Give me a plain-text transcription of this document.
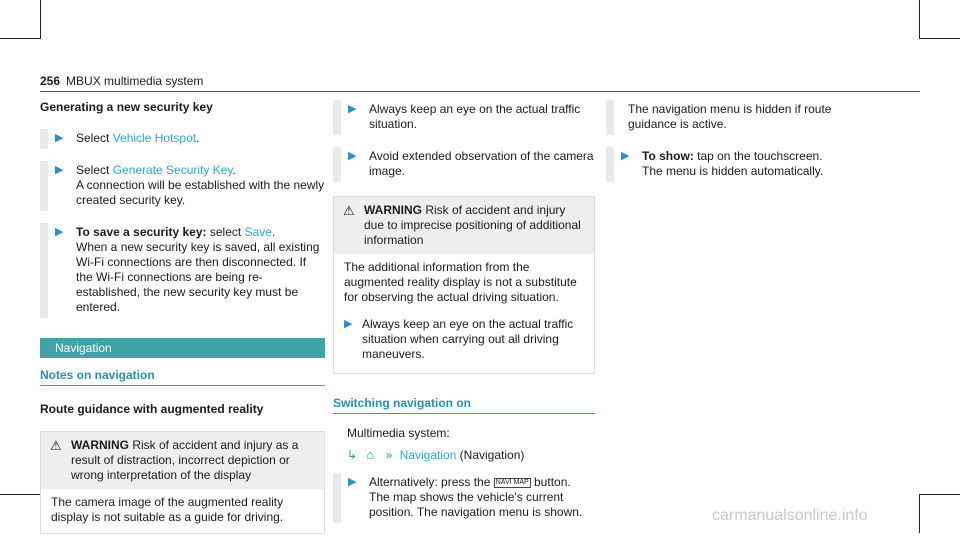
256 MBUX multimedia system

Generating a new security key

▶ Select Vehicle Hotspot.

▶ Select Generate Security Key.

A connection will be established with the newly created security key.

▶ To save a security key: select Save.

When a new security key is saved, all existing Wi-Fi connections are then disconnected. If the Wi-Fi connections are being re-established, the new security key must be entered.

Navigation
Notes on navigation

Route guidance with augmented reality

⚠ WARNING Risk of accident and injury as a result of distraction, incorrect depiction or wrong interpretation of the display

The camera image of the augmented reality display is not suitable as a guide for driving.

▶ Always keep an eye on the actual traffic situation.

▶ Avoid extended observation of the camera image.

⚠ WARNING Risk of accident and injury due to imprecise positioning of additional information

The additional information from the augmented reality display is not a substitute for observing the actual driving situation.

▶ Always keep an eye on the actual traffic situation when carrying out all driving maneuvers.

Switching navigation on

Multimedia system:

↳ ⌂ » Navigation (Navigation)
▶ Alternatively: press the NAVI MAP button.

The map shows the vehicle's current position. The navigation menu is shown.

The navigation menu is hidden if route guidance is active.

▶ To show: tap on the touchscreen.

The menu is hidden automatically.

carmanualsonline.info
